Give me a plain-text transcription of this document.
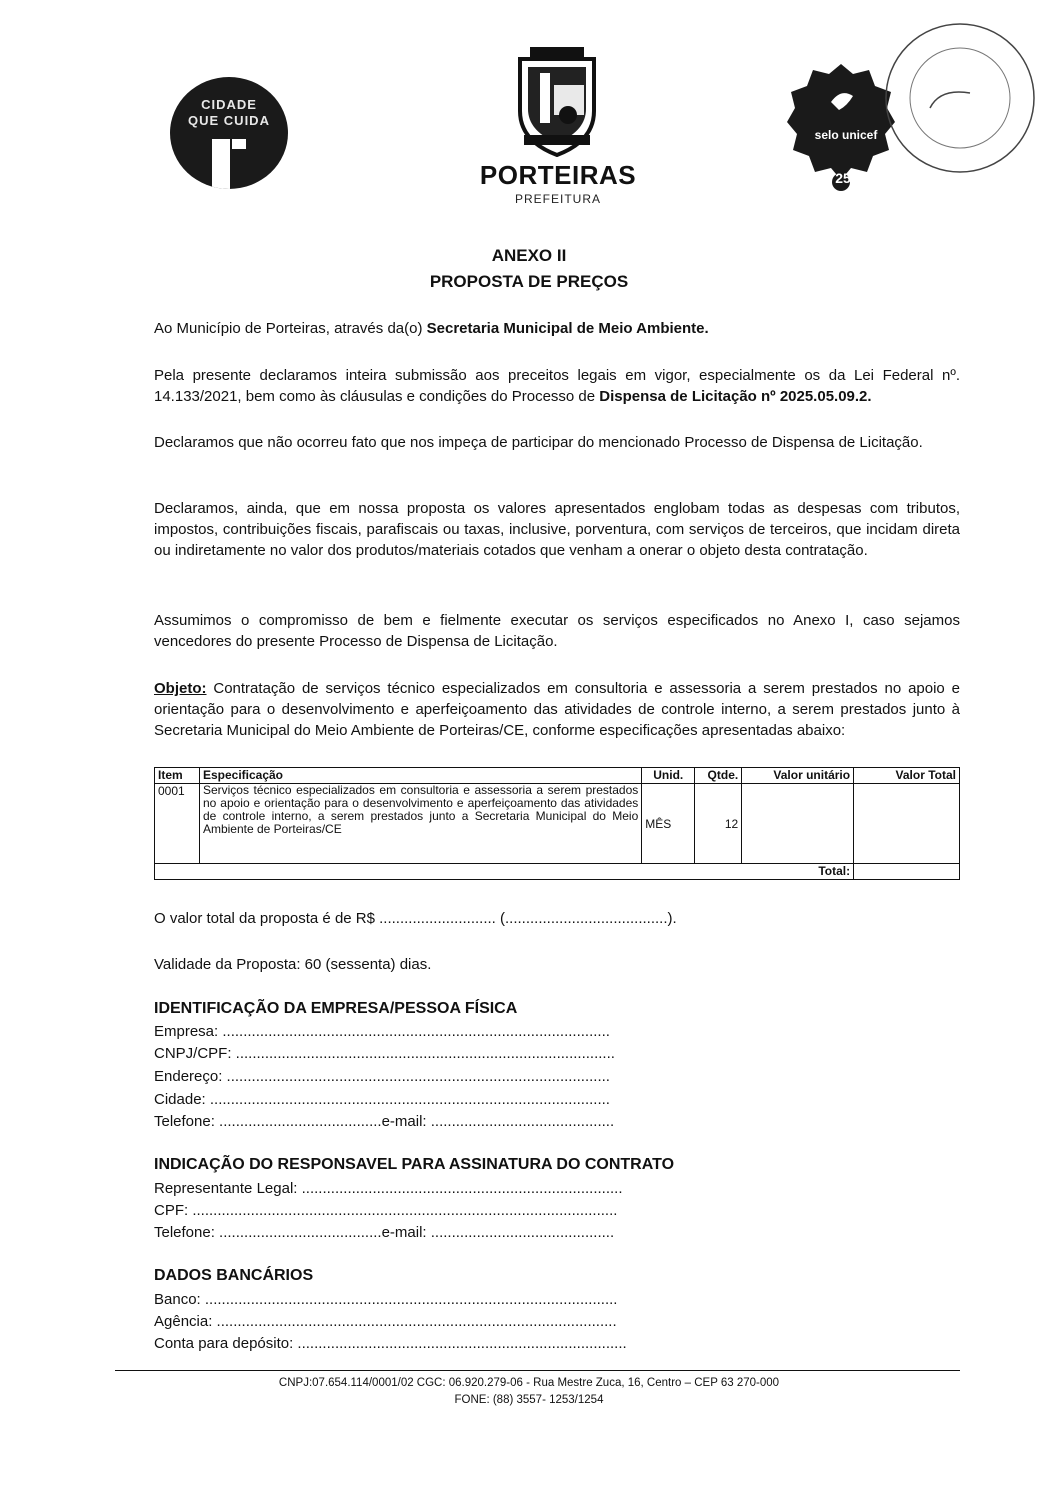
CIDADE
QUE CUIDA
PORTEIRAS
PREFEITURA
selo unicef
25
ANEXO II
PROPOSTA DE PREÇOS
Ao Município de Porteiras, através da(o) Secretaria Municipal de Meio Ambiente.
Pela presente declaramos inteira submissão aos preceitos legais em vigor, especialmente os da Lei Federal nº. 14.133/2021, bem como às cláusulas e condições do Processo de Dispensa de Licitação nº 2025.05.09.2.
Declaramos que não ocorreu fato que nos impeça de participar do mencionado Processo de Dispensa de Licitação.
Declaramos, ainda, que em nossa proposta os valores apresentados englobam todas as despesas com tributos, impostos, contribuições fiscais, parafiscais ou taxas, inclusive, porventura, com serviços de terceiros, que incidam direta ou indiretamente no valor dos produtos/materiais cotados que venham a onerar o objeto desta contratação.
Assumimos o compromisso de bem e fielmente executar os serviços especificados no Anexo I, caso sejamos vencedores do presente Processo de Dispensa de Licitação.
Objeto: Contratação de serviços técnico especializados em consultoria e assessoria a serem prestados no apoio e orientação para o desenvolvimento e aperfeiçoamento das atividades de controle interno, a serem prestados junto à Secretaria Municipal do Meio Ambiente de Porteiras/CE, conforme especificações apresentadas abaixo:
Item	Especificação	Unid.	Qtde.	Valor unitário	Valor Total
0001	Serviços técnico especializados em consultoria e assessoria a serem prestados no apoio e orientação para o desenvolvimento e aperfeiçoamento das atividades de controle interno, a serem prestados junto a Secretaria Municipal do Meio Ambiente de Porteiras/CE	MÊS	12		
Total:					
O valor total da proposta é de R$ ............................ (.......................................).
Validade da Proposta: 60 (sessenta) dias.
IDENTIFICAÇÃO DA EMPRESA/PESSOA FÍSICA
Empresa: .............................................................................................
CNPJ/CPF: ...........................................................................................
Endereço: ............................................................................................
Cidade: ................................................................................................
Telefone: .......................................e-mail: ............................................
INDICAÇÃO DO RESPONSAVEL PARA ASSINATURA DO CONTRATO
Representante Legal: .............................................................................
CPF: ......................................................................................................
Telefone: .......................................e-mail: ............................................
DADOS BANCÁRIOS
Banco: ...................................................................................................
Agência: ................................................................................................
Conta para depósito: ...............................................................................
CNPJ:07.654.114/0001/02 CGC: 06.920.279-06 - Rua Mestre Zuca, 16, Centro – CEP 63 270-000
FONE: (88) 3557- 1253/1254
